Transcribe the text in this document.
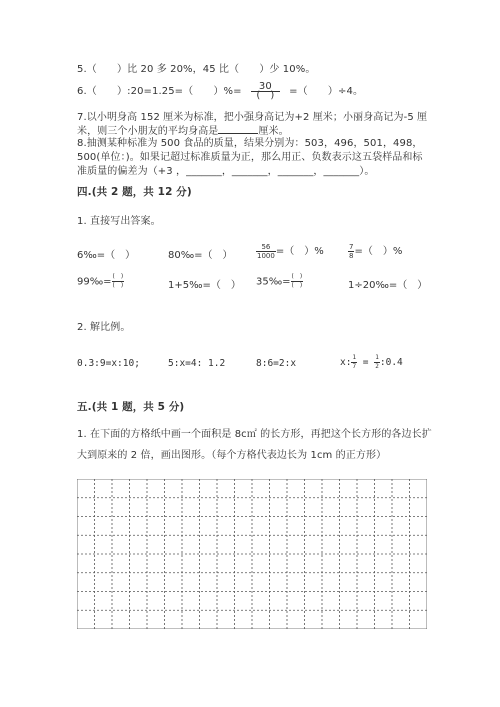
5.（　　）比 20 多 20%，45 比（　　）少 10%。
6.（　　）:20=1.25=（　　）%= $\frac{30}{( )}$ =（　　）÷4。
7.以小明身高 152 厘米为标准，把小强身高记为+2 厘米；小丽身高记为-5 厘
米，则三个小朋友的平均身高是	厘米。
8.抽测某种标准为 500 食品的质量，结果分别为：503，496，501，498，
500(单位：)。如果记超过标准质量为正，那么用正、负数表示这五袋样品和标
准质量的偏差为（+3 ，_______，_______，_______，_______）。
四.(共 2 题，共 12 分)
1. 直接写出答案。
6‰=（　）	80‰=（　）	$\frac{56}{1000}$ =（　）%	$\frac{7}{8}$ =（　）%
99‰= $\frac{( )}{( )}$	1+5‰=（　） 35‰= $\frac{( )}{( )}$	1÷20‰=（　）
2. 解比例。
0.3:9=x:10;	5:x=4: 1.2	8:6=2:x	x: $\frac{1}{7} = \frac{1}{2}$ :0.4
五.(共 1 题，共 5 分)
1. 在下面的方格纸中画一个面积是 8c㎡ 的长方形，再把这个长方形的各边长扩
大到原来的 2 倍，画出图形。（每个方格代表边长为 1cm 的正方形）
